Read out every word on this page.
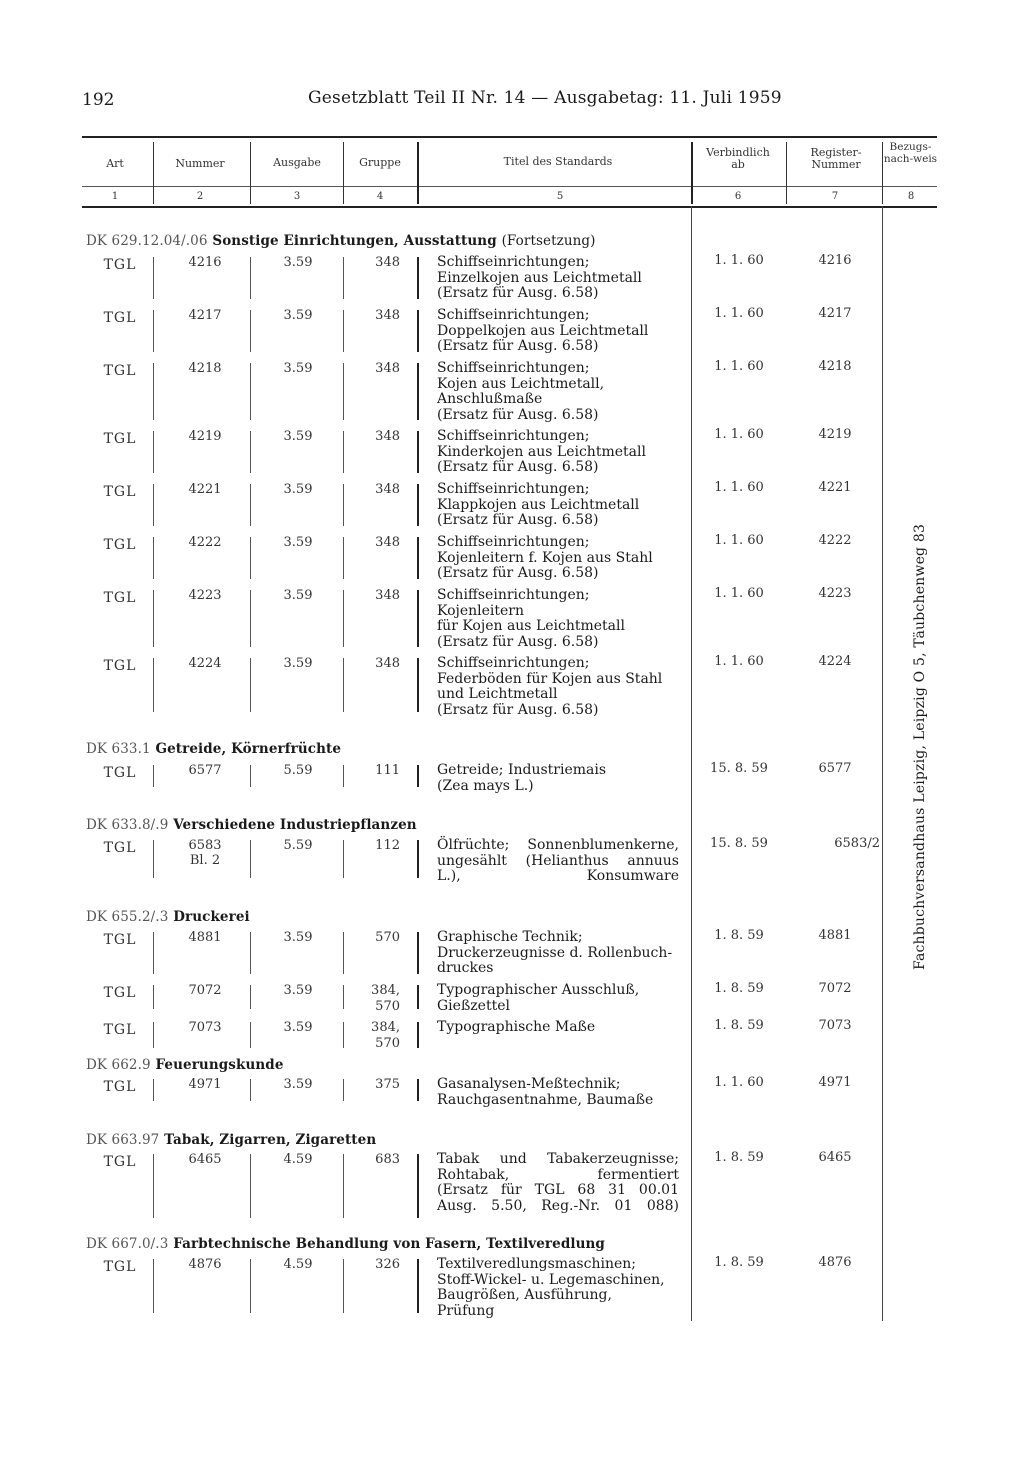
192	Gesetzblatt Teil II Nr. 14 — Ausgabetag: 11. Juli 1959
Art	Nummer	Ausgabe	Gruppe	Titel des Standards
Verbindlich ab
Register-Nummer
Bezugs-nach-weis
1	2	3	4	5	6	7	8
DK 629.12.04/.06 Sonstige Einrichtungen, Ausstattung (Fortsetzung)
DK 633.1 Getreide, Körnerfrüchte
DK 633.8/.9 Verschiedene Industriepflanzen
DK 655.2/.3 Druckerei
DK 662.9 Feuerungskunde
DK 663.97 Tabak, Zigarren, Zigaretten
DK 667.0/.3 Farbtechnische Behandlung von Fasern, Textilveredlung
TGL	4216	3.59	348	Schiffseinrichtungen;
Einzelkojen aus Leichtmetall
(Ersatz für Ausg. 6.58)
1. 1. 60	4216
TGL	4217	3.59	348	Schiffseinrichtungen;
Doppelkojen aus Leichtmetall
(Ersatz für Ausg. 6.58)
1. 1. 60	4217
TGL	4218	3.59	348	Schiffseinrichtungen;
Kojen aus Leichtmetall,
Anschlußmaße
(Ersatz für Ausg. 6.58)
1. 1. 60	4218
TGL	4219	3.59	348	Schiffseinrichtungen;
Kinderkojen aus Leichtmetall
(Ersatz für Ausg. 6.58)
1. 1. 60	4219
TGL	4221	3.59	348	Schiffseinrichtungen;
Klappkojen aus Leichtmetall
(Ersatz für Ausg. 6.58)
1. 1. 60	4221
TGL	4222	3.59	348	Schiffseinrichtungen;
Kojenleitern f. Kojen aus Stahl
(Ersatz für Ausg. 6.58)
1. 1. 60	4222
TGL	4223	3.59	348	Schiffseinrichtungen;
Kojenleitern
für Kojen aus Leichtmetall
(Ersatz für Ausg. 6.58)
1. 1. 60	4223
TGL	4224	3.59	348	Schiffseinrichtungen;
Federböden für Kojen aus Stahl
und Leichtmetall
(Ersatz für Ausg. 6.58)
1. 1. 60	4224
TGL	6577	5.59	111	Getreide; Industriemais
(Zea mays L.)
15. 8. 59	6577
TGL	6583
Bl. 2
5.59	112	Ölfrüchte; Sonnenblumenkerne,
ungesählt (Helianthus annuus
L.), Konsumware
15. 8. 59	6583/2
TGL	4881	3.59	570	Graphische Technik;
Druckerzeugnisse d. Rollenbuch-
druckes
1. 8. 59	4881
TGL	7072	3.59	384,
570
Typographischer Ausschluß,
Gießzettel
1. 8. 59	7072
TGL	7073	3.59	384,
570
Typographische Maße	1. 8. 59	7073
TGL	4971	3.59	375	Gasanalysen-Meßtechnik;
Rauchgasentnahme, Baumaße
1. 1. 60	4971
TGL	6465	4.59	683	Tabak und Tabakerzeugnisse;
Rohtabak, fermentiert
(Ersatz für TGL 68 31 00.01
Ausg. 5.50, Reg.-Nr. 01 088)
1. 8. 59	6465
TGL	4876	4.59	326	Textilveredlungsmaschinen;
Stoff-Wickel- u. Legemaschinen,
Baugrößen, Ausführung,
Prüfung
1. 8. 59	4876
Fachbuchversandhaus Leipzig, Leipzig O 5, Täubchenweg 83
